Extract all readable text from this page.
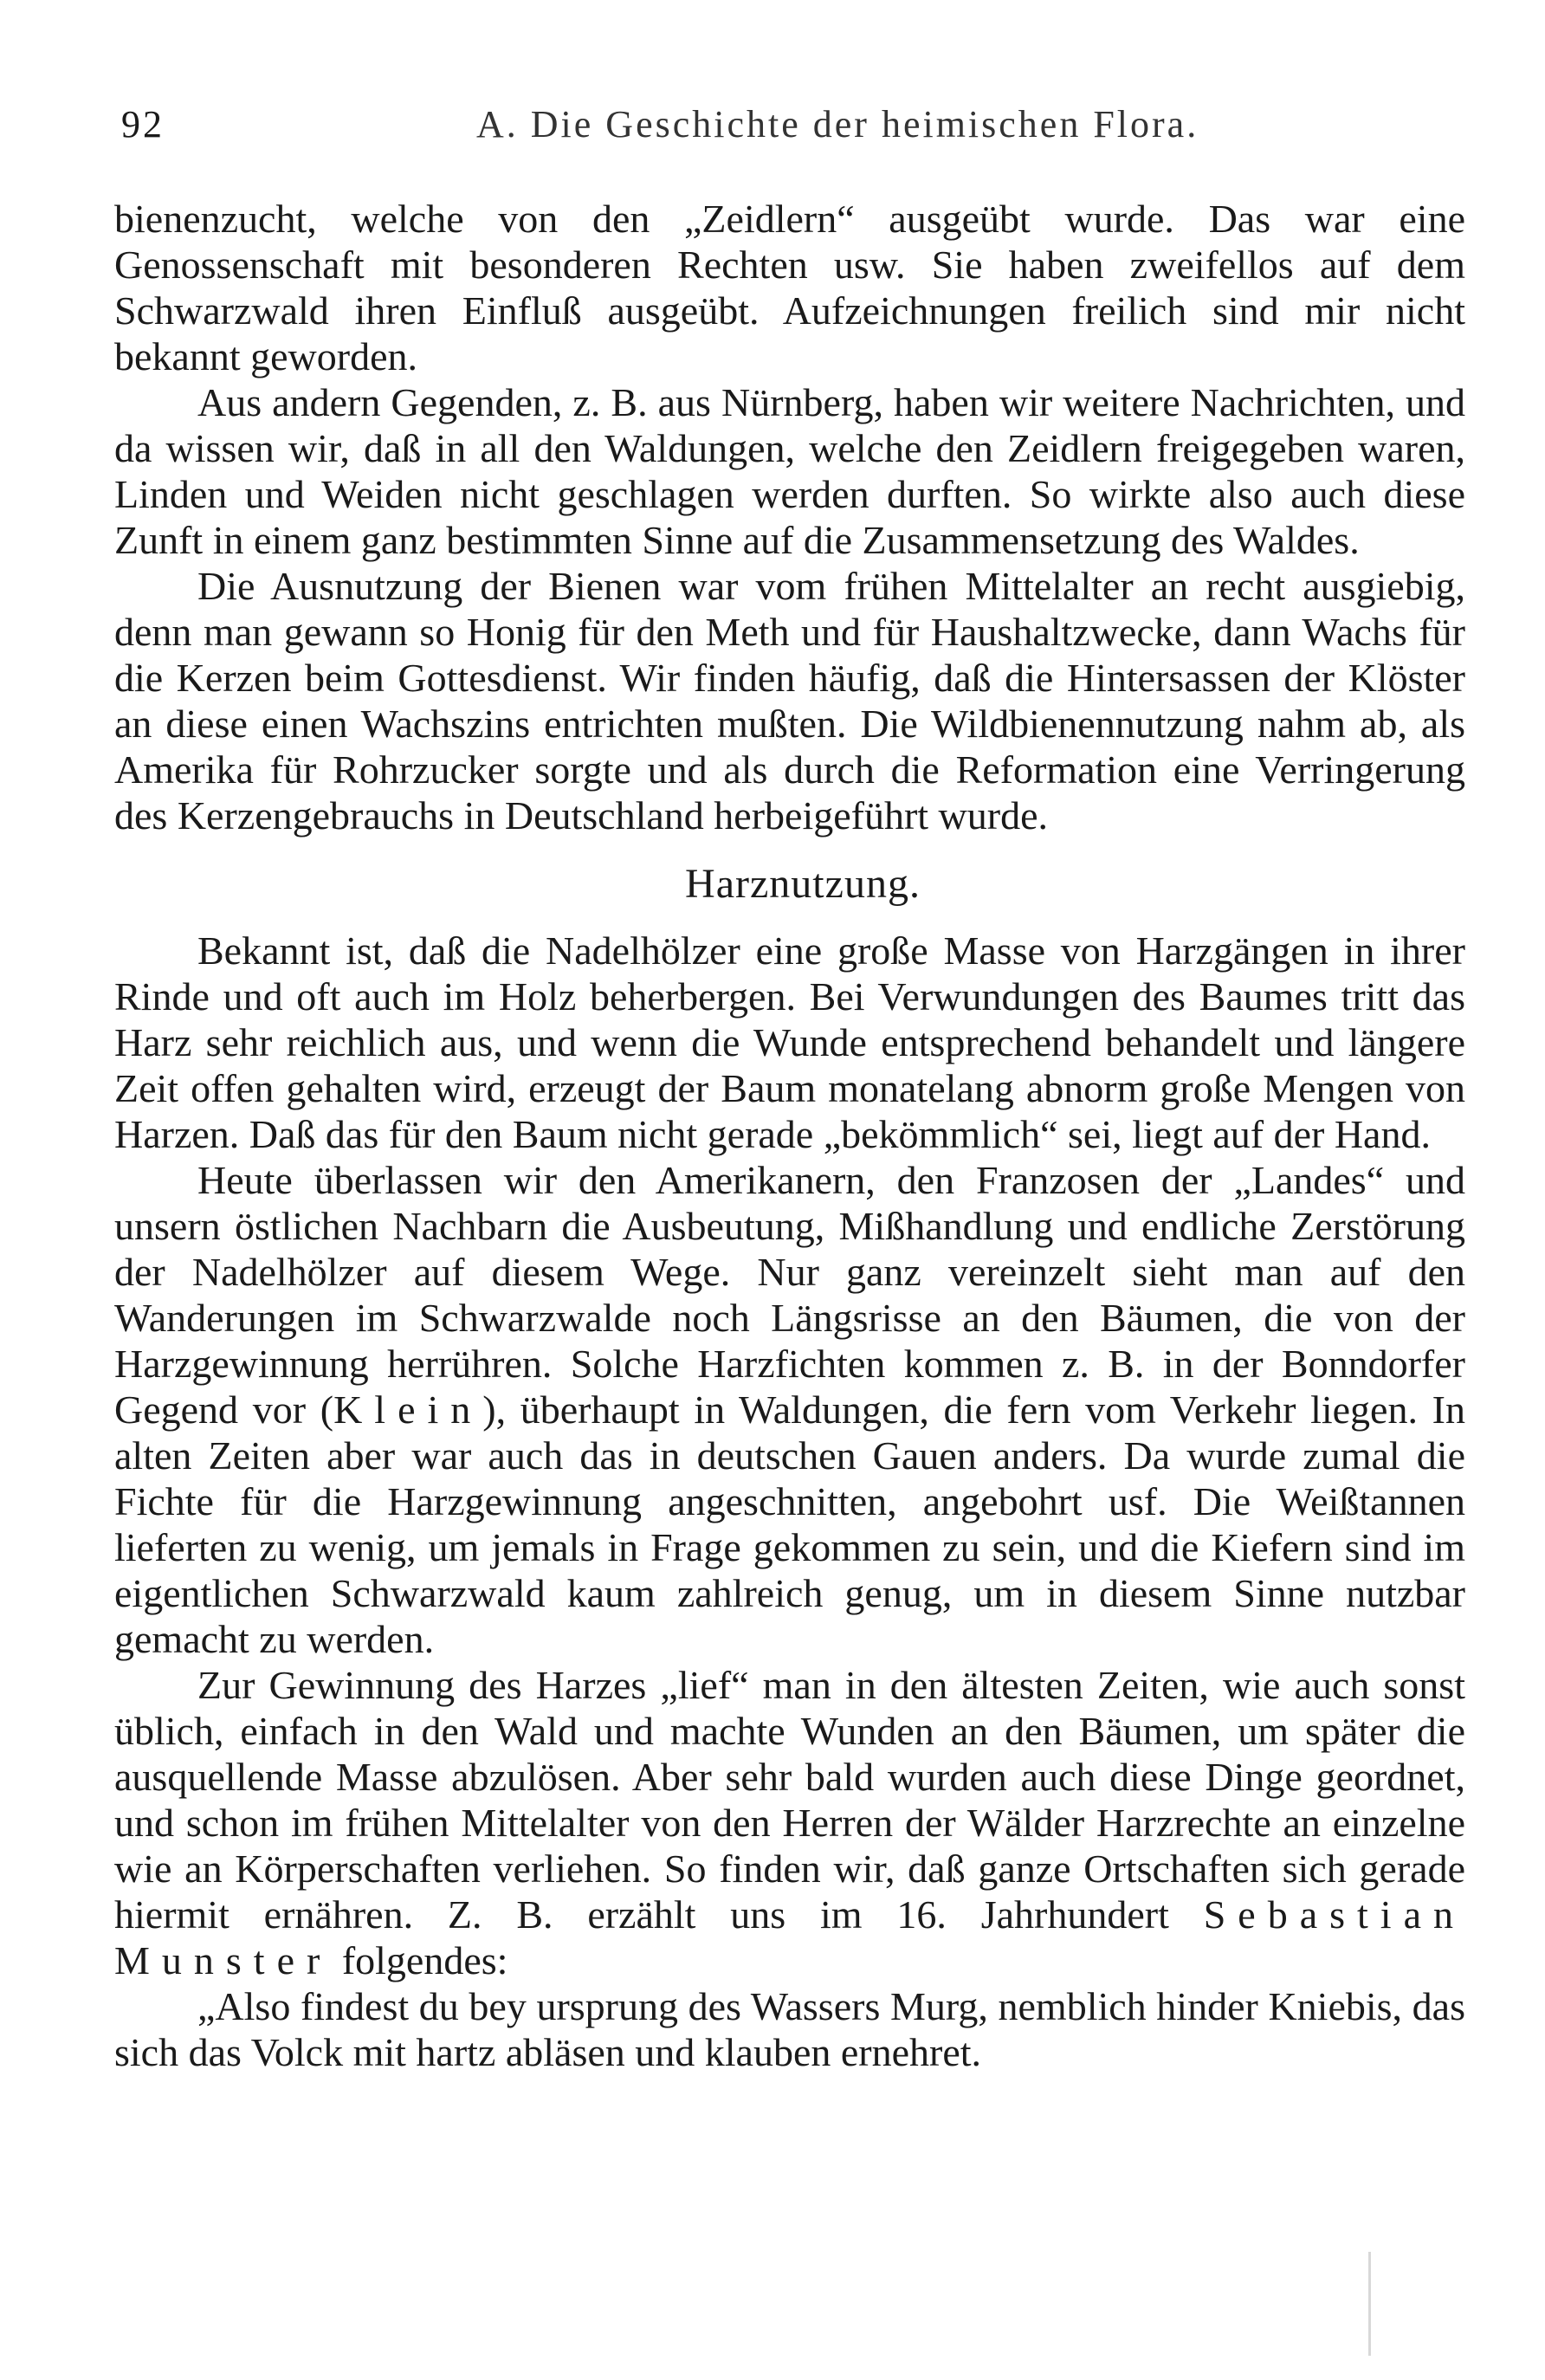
92	A. Die Geschichte der heimischen Flora.

bienenzucht, welche von den „Zeidlern“ ausgeübt wurde. Das war eine Genossenschaft mit besonderen Rechten usw. Sie haben zweifellos auf dem Schwarzwald ihren Einfluß ausgeübt. Aufzeichnungen freilich sind mir nicht bekannt geworden.

Aus andern Gegenden, z. B. aus Nürnberg, haben wir weitere Nachrichten, und da wissen wir, daß in all den Waldungen, welche den Zeidlern freigegeben waren, Linden und Weiden nicht geschlagen werden durften. So wirkte also auch diese Zunft in einem ganz bestimmten Sinne auf die Zusammensetzung des Waldes.

Die Ausnutzung der Bienen war vom frühen Mittelalter an recht ausgiebig, denn man gewann so Honig für den Meth und für Haushaltzwecke, dann Wachs für die Kerzen beim Gottesdienst. Wir finden häufig, daß die Hintersassen der Klöster an diese einen Wachszins entrichten mußten. Die Wildbienennutzung nahm ab, als Amerika für Rohrzucker sorgte und als durch die Reformation eine Verringerung des Kerzengebrauchs in Deutschland herbeigeführt wurde.

Harznutzung.

Bekannt ist, daß die Nadelhölzer eine große Masse von Harzgängen in ihrer Rinde und oft auch im Holz beherbergen. Bei Verwundungen des Baumes tritt das Harz sehr reichlich aus, und wenn die Wunde entsprechend behandelt und längere Zeit offen gehalten wird, erzeugt der Baum monatelang abnorm große Mengen von Harzen. Daß das für den Baum nicht gerade „bekömmlich“ sei, liegt auf der Hand.

Heute überlassen wir den Amerikanern, den Franzosen der „Landes“ und unsern östlichen Nachbarn die Ausbeutung, Mißhandlung und endliche Zerstörung der Nadelhölzer auf diesem Wege. Nur ganz vereinzelt sieht man auf den Wanderungen im Schwarzwalde noch Längsrisse an den Bäumen, die von der Harzgewinnung herrühren. Solche Harzfichten kommen z. B. in der Bonndorfer Gegend vor (Klein), überhaupt in Waldungen, die fern vom Verkehr liegen. In alten Zeiten aber war auch das in deutschen Gauen anders. Da wurde zumal die Fichte für die Harzgewinnung angeschnitten, angebohrt usf. Die Weißtannen lieferten zu wenig, um jemals in Frage gekommen zu sein, und die Kiefern sind im eigentlichen Schwarzwald kaum zahlreich genug, um in diesem Sinne nutzbar gemacht zu werden.

Zur Gewinnung des Harzes „lief“ man in den ältesten Zeiten, wie auch sonst üblich, einfach in den Wald und machte Wunden an den Bäumen, um später die ausquellende Masse abzulösen. Aber sehr bald wurden auch diese Dinge geordnet, und schon im frühen Mittelalter von den Herren der Wälder Harzrechte an einzelne wie an Körperschaften verliehen. So finden wir, daß ganze Ortschaften sich gerade hiermit ernähren. Z. B. erzählt uns im 16. Jahrhundert Sebastian Munster folgendes:

„Also findest du bey ursprung des Wassers Murg, nemblich hinder Kniebis, das sich das Volck mit hartz abläsen und klauben ernehret.
